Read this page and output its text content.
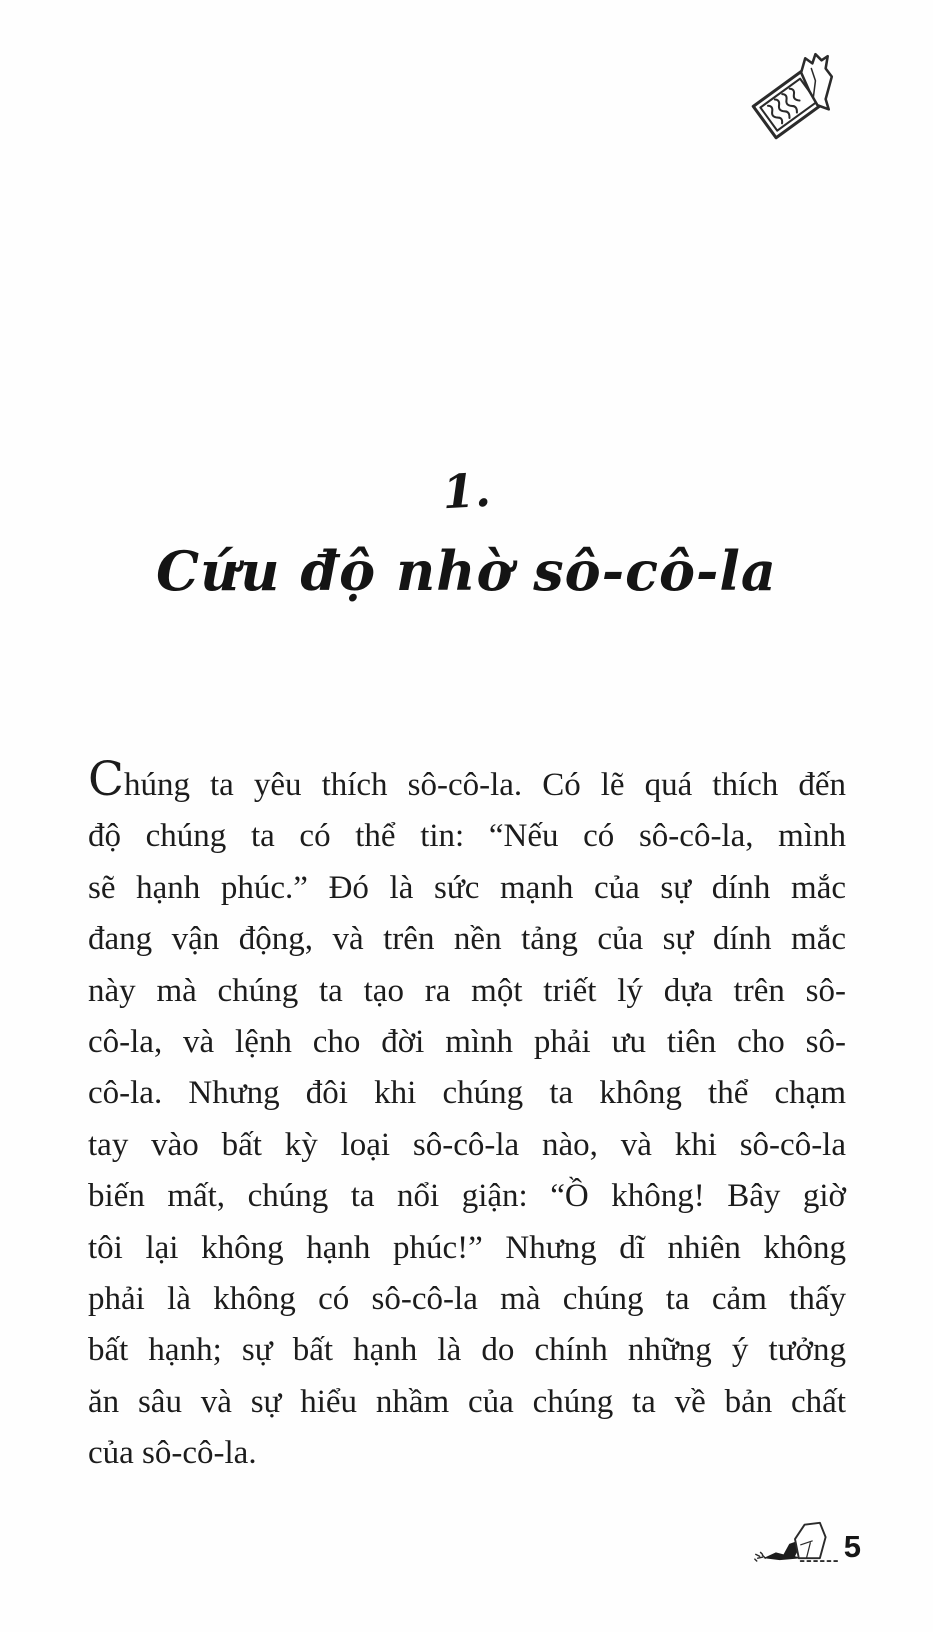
1.
Cứu độ nhờ sô-cô-la
Chúng ta yêu thích sô-cô-la. Có lẽ quá thích đến
độ chúng ta có thể tin: “Nếu có sô-cô-la, mình
sẽ hạnh phúc.” Đó là sức mạnh của sự dính mắc
đang vận động, và trên nền tảng của sự dính mắc
này mà chúng ta tạo ra một triết lý dựa trên sô-
cô-la, và lệnh cho đời mình phải ưu tiên cho sô-
cô-la. Nhưng đôi khi chúng ta không thể chạm
tay vào bất kỳ loại sô-cô-la nào, và khi sô-cô-la
biến mất, chúng ta nổi giận: “Ồ không! Bây giờ
tôi lại không hạnh phúc!” Nhưng dĩ nhiên không
phải là không có sô-cô-la mà chúng ta cảm thấy
bất hạnh; sự bất hạnh là do chính những ý tưởng
ăn sâu và sự hiểu nhầm của chúng ta về bản chất
của sô-cô-la.
5
